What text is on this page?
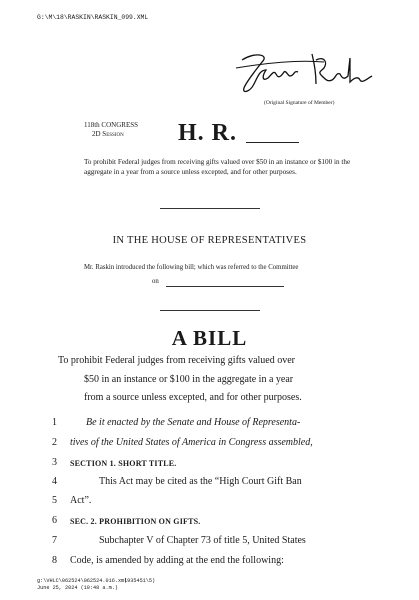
G:\M\18\RASKIN\RASKIN_099.XML
(Original Signature of Member)
118th CONGRESS
2D Session H. R.
To prohibit Federal judges from receiving gifts valued over $50 in an instance or $100 in the aggregate in a year from a source unless excepted, and for other purposes.
IN THE HOUSE OF REPRESENTATIVES
Mr. Raskin introduced the following bill; which was referred to the Committee
on
A BILL
To prohibit Federal judges from receiving gifts valued over
$50 in an instance or $100 in the aggregate in a year
from a source unless excepted, and for other purposes.
1	Be it enacted by the Senate and House of Representa-
2 tives of the United States of America in Congress assembled,
3 SECTION 1. SHORT TITLE.
4	This Act may be cited as the “High Court Gift Ban
5 Act”.
6 SEC. 2. PROHIBITION ON GIFTS.
7	Subchapter V of Chapter 73 of title 5, United States
8 Code, is amended by adding at the end the following:
g:\VHLC\062524\062524.016.xml
(935451\5)
June 25, 2024 (10:48 a.m.)
